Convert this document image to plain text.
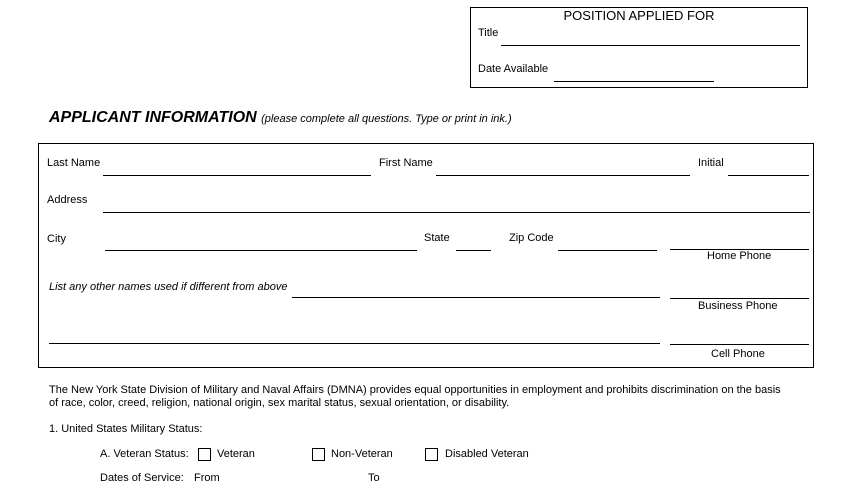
POSITION APPLIED FOR
Title
Date Available
APPLICANT INFORMATION (please complete all questions. Type or print in ink.)
Last Name	First Name	Initial
Address
City	State	Zip Code
Home Phone
List any other names used if different from above
Business Phone
Cell Phone
The New York State Division of Military and Naval Affairs (DMNA) provides equal opportunities in employment and prohibits discrimination on the basis
of race, color, creed, religion, national origin, sex marital status, sexual orientation, or disability.
1. United States Military Status:
A. Veteran Status:	Veteran	Non-Veteran	Disabled Veteran
Dates of Service: From	To
